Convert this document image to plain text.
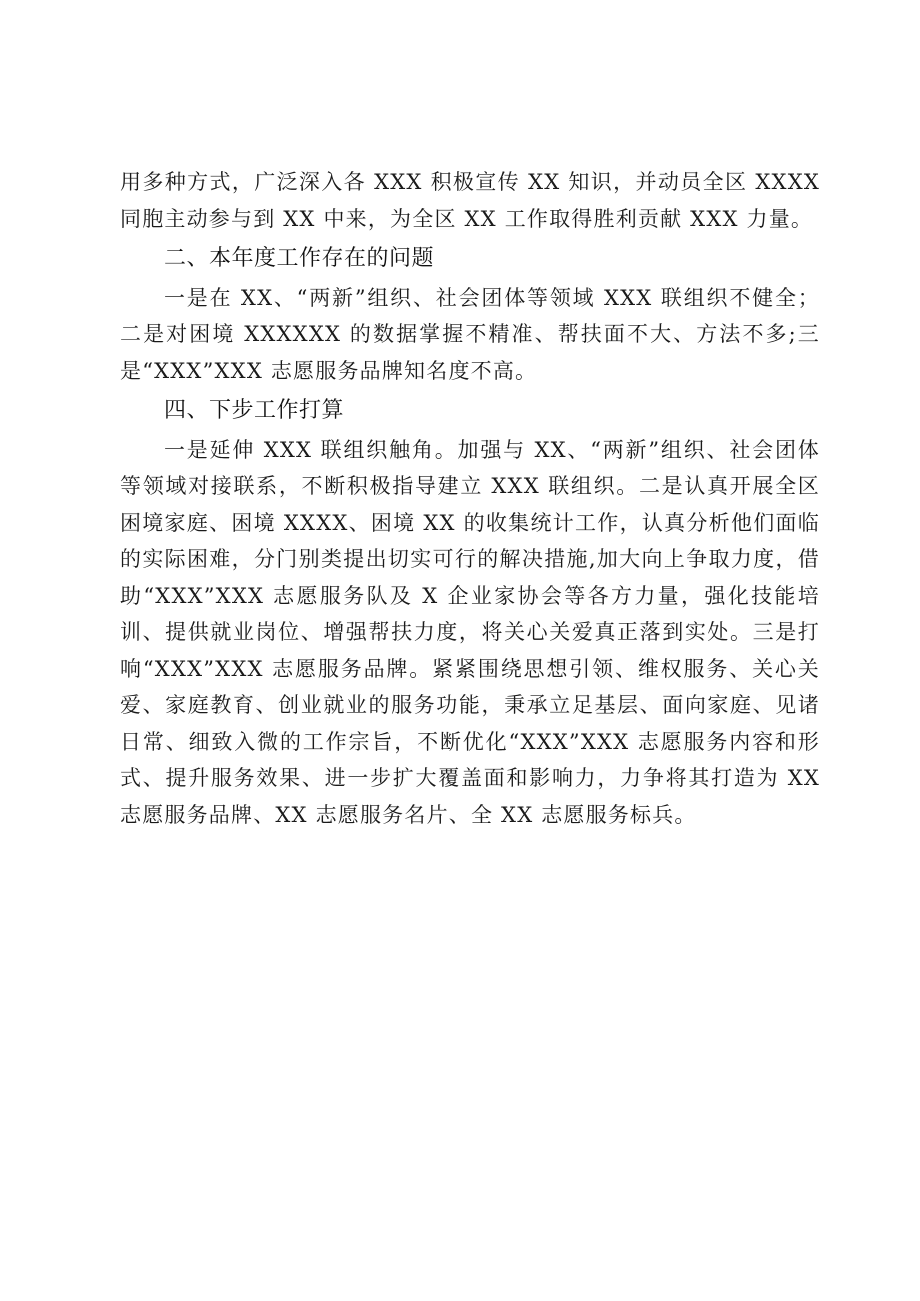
用多种方式，广泛深入各 XXX 积极宣传 XX 知识，并动员全区 XXXX 同胞主动参与到 XX 中来，为全区 XX 工作取得胜利贡献 XXX 力量。

二、本年度工作存在的问题

一是在 XX、“两新”组织、社会团体等领域 XXX 联组织不健全；二是对困境 XXXXXX 的数据掌握不精准、帮扶面不大、方法不多;三是“XXX”XXX 志愿服务品牌知名度不高。

四、下步工作打算

一是延伸 XXX 联组织触角。加强与 XX、“两新”组织、社会团体等领域对接联系，不断积极指导建立 XXX 联组织。二是认真开展全区困境家庭、困境 XXXX、困境 XX 的收集统计工作，认真分析他们面临的实际困难，分门别类提出切实可行的解决措施,加大向上争取力度，借助“XXX”XXX 志愿服务队及 X 企业家协会等各方力量，强化技能培训、提供就业岗位、增强帮扶力度，将关心关爱真正落到实处。三是打响“XXX”XXX 志愿服务品牌。紧紧围绕思想引领、维权服务、关心关爱、家庭教育、创业就业的服务功能，秉承立足基层、面向家庭、见诸日常、细致入微的工作宗旨，不断优化“XXX”XXX 志愿服务内容和形式、提升服务效果、进一步扩大覆盖面和影响力，力争将其打造为 XX 志愿服务品牌、XX 志愿服务名片、全 XX 志愿服务标兵。
